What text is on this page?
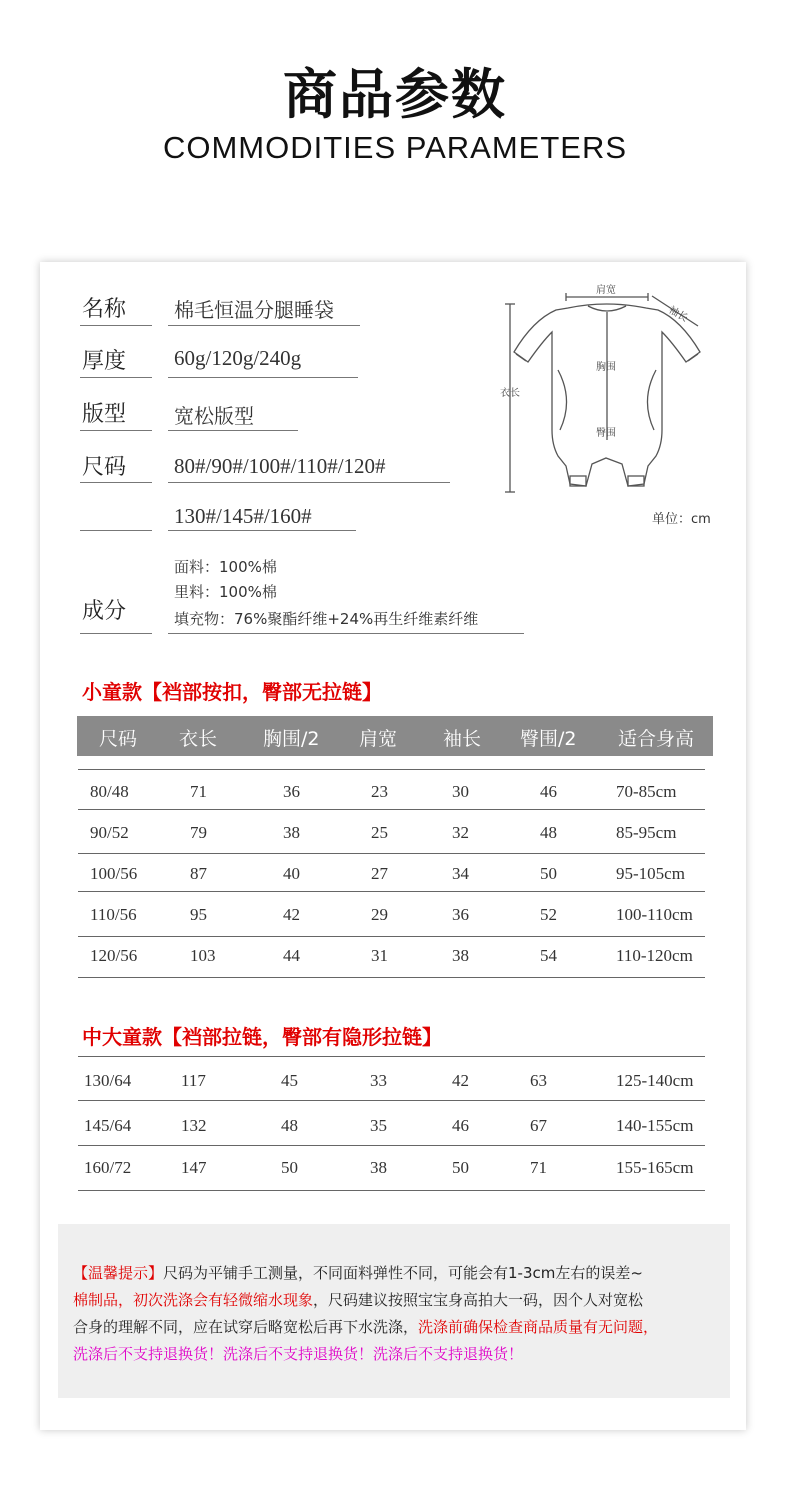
商品参数
COMMODITIES PARAMETERS
名称 棉毛恒温分腿睡袋
厚度 60g/120g/240g
版型 宽松版型
尺码 80#/90#/100#/110#/120#
130#/145#/160#
面料：100%棉
里料：100%棉
填充物：76%聚酯纤维+24%再生纤维素纤维
成分
肩宽
袖长
胸围
衣长
臀围
单位：cm
小童款【裆部按扣，臀部无拉链】
尺码 衣长 胸围/2 肩宽 袖长 臀围/2 适合身高
中大童款【裆部拉链，臀部有隐形拉链】
【温馨提示】尺码为平铺手工测量，不同面料弹性不同，可能会有1-3cm左右的误差~
棉制品，初次洗涤会有轻微缩水现象，尺码建议按照宝宝身高拍大一码，因个人对宽松
合身的理解不同，应在试穿后略宽松后再下水洗涤，洗涤前确保检查商品质量有无问题，
洗涤后不支持退换货！洗涤后不支持退换货！洗涤后不支持退换货！
80/48	71	36	23	30	46	70-85cm
90/52	79	38	25	32	48	85-95cm
100/56	87	40	27	34	50	95-105cm
110/56	95	42	29	36	52	100-110cm
120/56	103	44	31	38	54	110-120cm
130/64	117	45	33	42	63	125-140cm
145/64	132	48	35	46	67	140-155cm
160/72	147	50	38	50	71	155-165cm
